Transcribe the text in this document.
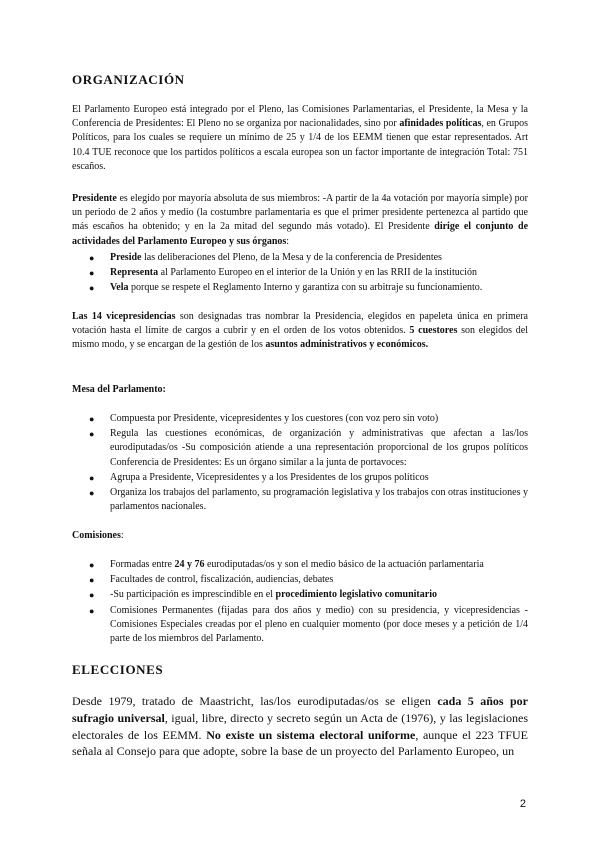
ORGANIZACIÓN

El Parlamento Europeo está integrado por el Pleno, las Comisiones Parlamentarias, el Presidente, la Mesa y la Conferencia de Presidentes: El Pleno no se organiza por nacionalidades, sino por afinidades políticas, en Grupos Políticos, para los cuales se requiere un mínimo de 25 y 1/4 de los EEMM tienen que estar representados. Art 10.4 TUE reconoce que los partidos políticos a escala europea son un factor importante de integración Total: 751 escaños.

Presidente es elegido por mayoría absoluta de sus miembros: -A partir de la 4a votación por mayoría simple) por un periodo de 2 años y medio (la costumbre parlamentaria es que el primer presidente pertenezca al partido que más escaños ha obtenido; y en la 2a mitad del segundo más votado). El Presidente dirige el conjunto de actividades del Parlamento Europeo y sus órganos:

● Preside las deliberaciones del Pleno, de la Mesa y de la conferencia de Presidentes
● Representa al Parlamento Europeo en el interior de la Unión y en las RRII de la institución
● Vela porque se respete el Reglamento Interno y garantiza con su arbitraje su funcionamiento.

Las 14 vicepresidencias son designadas tras nombrar la Presidencia, elegidos en papeleta única en primera votación hasta el límite de cargos a cubrir y en el orden de los votos obtenidos. 5 cuestores son elegidos del mismo modo, y se encargan de la gestión de los asuntos administrativos y económicos.

Mesa del Parlamento:

● Compuesta por Presidente, vicepresidentes y los cuestores (con voz pero sin voto)
● Regula las cuestiones económicas, de organización y administrativas que afectan a las/los eurodiputadas/os -Su composición atiende a una representación proporcional de los grupos políticos Conferencia de Presidentes: Es un órgano similar a la junta de portavoces:
● Agrupa a Presidente, Vicepresidentes y a los Presidentes de los grupos políticos
● Organiza los trabajos del parlamento, su programación legislativa y los trabajos con otras instituciones y parlamentos nacionales.

Comisiones:

● Formadas entre 24 y 76 eurodiputadas/os y son el medio básico de la actuación parlamentaria
● Facultades de control, fiscalización, audiencias, debates
● -Su participación es imprescindible en el procedimiento legislativo comunitario
● Comisiones Permanentes (fijadas para dos años y medio) con su presidencia, y vicepresidencias -Comisiones Especiales creadas por el pleno en cualquier momento (por doce meses y a petición de 1/4 parte de los miembros del Parlamento.
ELECCIONES

Desde 1979, tratado de Maastricht, las/los eurodiputadas/os se eligen cada 5 años por sufragio universal, igual, libre, directo y secreto según un Acta de (1976), y las legislaciones electorales de los EEMM. No existe un sistema electoral uniforme, aunque el 223 TFUE señala al Consejo para que adopte, sobre la base de un proyecto del Parlamento Europeo, un

2
